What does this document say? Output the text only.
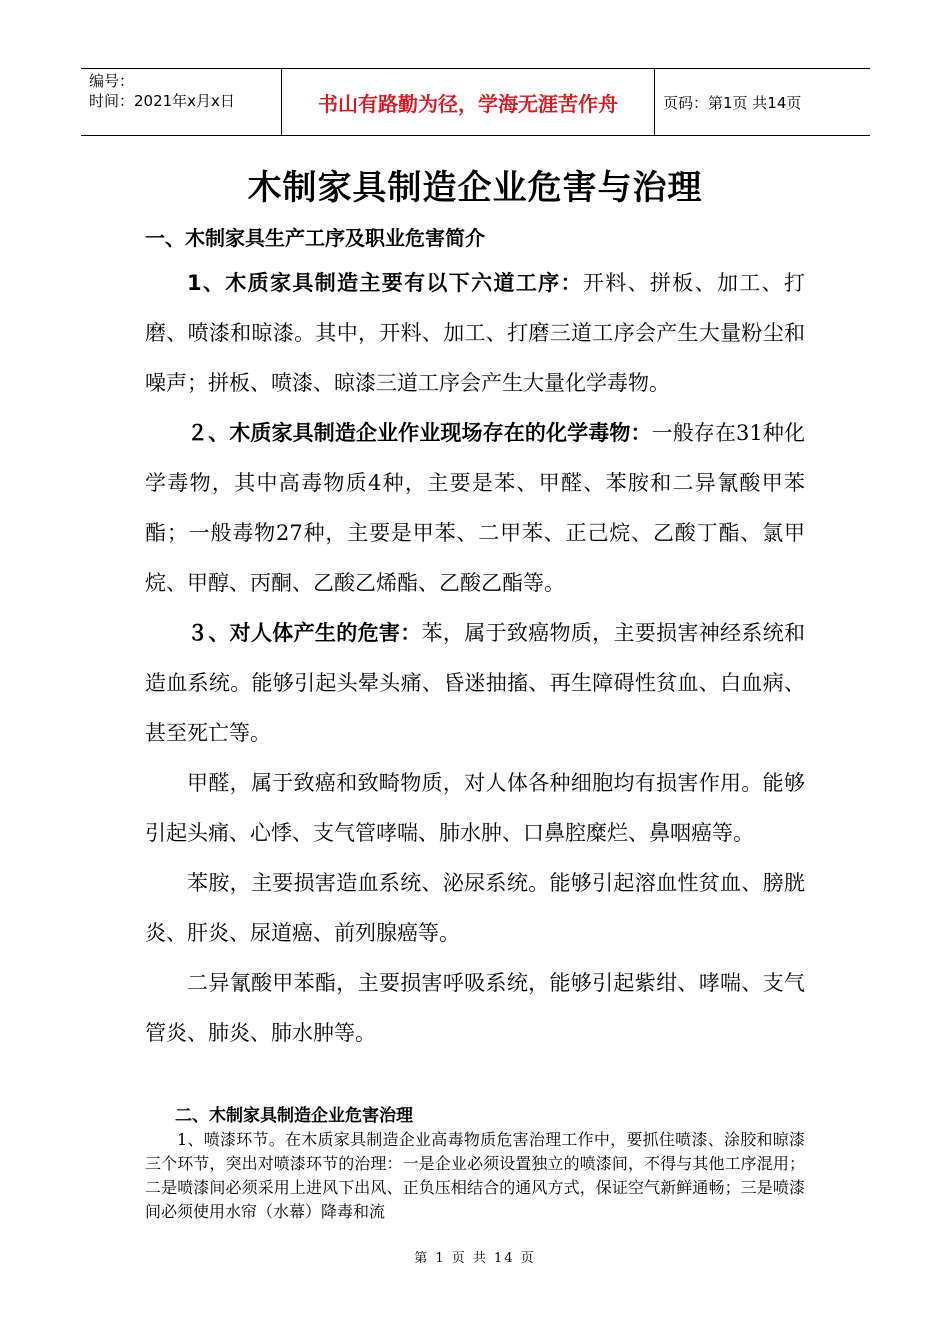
编号：
时间：2021年x月x日	书山有路勤为径，学海无涯苦作舟	页码：第1页 共14页
木制家具制造企业危害与治理
一、木制家具生产工序及职业危害简介

1、木质家具制造主要有以下六道工序：开料、拼板、加工、打磨、喷漆和晾漆。其中，开料、加工、打磨三道工序会产生大量粉尘和噪声；拼板、喷漆、晾漆三道工序会产生大量化学毒物。

２、木质家具制造企业作业现场存在的化学毒物：一般存在31种化学毒物，其中高毒物质4种，主要是苯、甲醛、苯胺和二异氰酸甲苯酯；一般毒物27种，主要是甲苯、二甲苯、正己烷、乙酸丁酯、氯甲烷、甲醇、丙酮、乙酸乙烯酯、乙酸乙酯等。

３、对人体产生的危害：苯，属于致癌物质，主要损害神经系统和造血系统。能够引起头晕头痛、昏迷抽搐、再生障碍性贫血、白血病、甚至死亡等。

甲醛，属于致癌和致畸物质，对人体各种细胞均有损害作用。能够引起头痛、心悸、支气管哮喘、肺水肿、口鼻腔糜烂、鼻咽癌等。

苯胺，主要损害造血系统、泌尿系统。能够引起溶血性贫血、膀胱炎、肝炎、尿道癌、前列腺癌等。

二异氰酸甲苯酯，主要损害呼吸系统，能够引起紫绀、哮喘、支气管炎、肺炎、肺水肿等。

二、木制家具制造企业危害治理

1、喷漆环节。在木质家具制造企业高毒物质危害治理工作中，要抓住喷漆、涂胶和晾漆三个环节，突出对喷漆环节的治理：一是企业必须设置独立的喷漆间，不得与其他工序混用；二是喷漆间必须采用上进风下出风、正负压相结合的通风方式，保证空气新鲜通畅；三是喷漆间必须使用水帘（水幕）降毒和流

第 1 页 共 14 页
